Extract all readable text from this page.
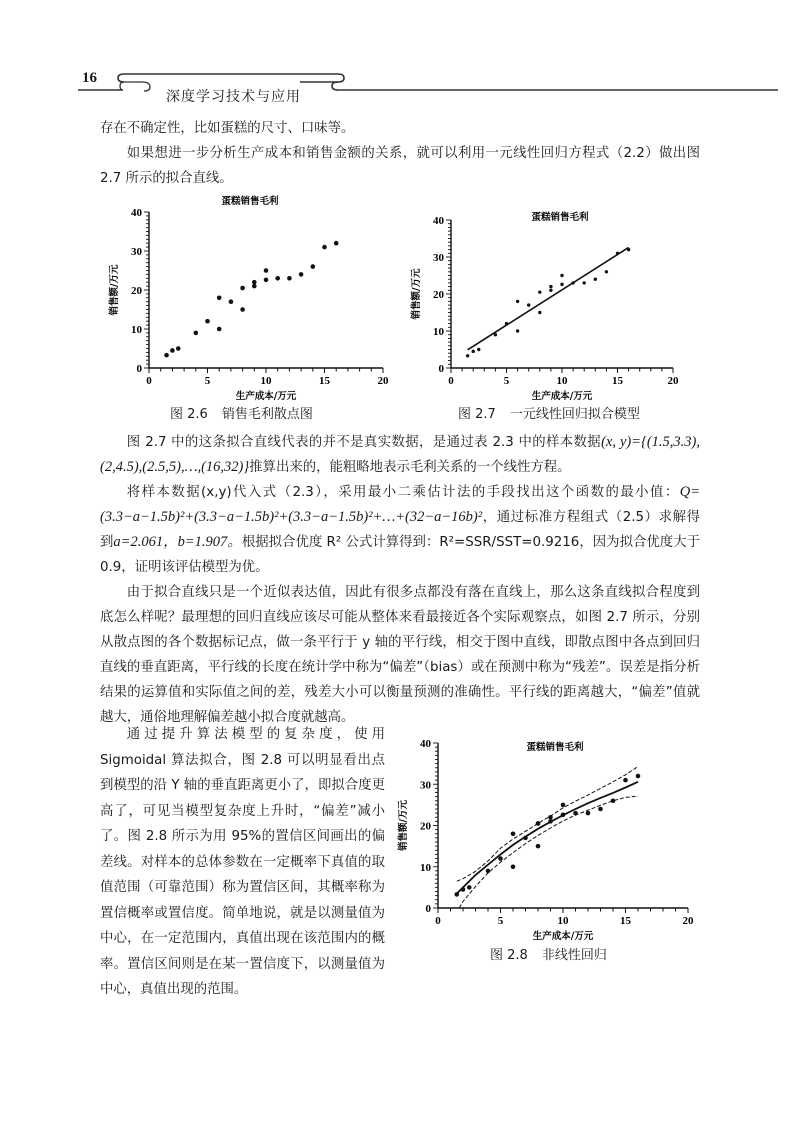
16
深度学习技术与应用

存在不确定性，比如蛋糕的尺寸、口味等。

如果想进一步分析生产成本和销售金额的关系，就可以利用一元线性回归方程式（2.2）做出图 2.7 所示的拟合直线。

蛋糕销售毛利
0	5	10	15	20
0
10
20
30
40
生产成本/万元
销售额/万元
图 2.6 销售毛利散点图
蛋糕销售毛利
0	5	10	15	20
0
10
20
30
40
生产成本/万元
销售额/万元
图 2.7 一元线性回归拟合模型

图 2.7 中的这条拟合直线代表的并不是真实数据，是通过表 2.3 中的样本数据(x, y)={(1.5,3.3),(2,4.5),(2.5,5),…,(16,32)}推算出来的，能粗略地表示毛利关系的一个线性方程。

将样本数据(x,y)代入式（2.3），采用最小二乘估计法的手段找出这个函数的最小值：Q=(3.3−a−1.5b)²+(3.3−a−1.5b)²+(3.3−a−1.5b)²+…+(32−a−16b)²，通过标准方程组式（2.5）求解得到a=2.061，b=1.907。根据拟合优度 R² 公式计算得到：R²=SSR/SST=0.9216，因为拟合优度大于 0.9，证明该评估模型为优。

由于拟合直线只是一个近似表达值，因此有很多点都没有落在直线上，那么这条直线拟合程度到底怎么样呢？最理想的回归直线应该尽可能从整体来看最接近各个实际观察点，如图 2.7 所示，分别从散点图的各个数据标记点，做一条平行于 y 轴的平行线，相交于图中直线，即散点图中各点到回归直线的垂直距离，平行线的长度在统计学中称为“偏差”（bias）或在预测中称为“残差”。误差是指分析结果的运算值和实际值之间的差，残差大小可以衡量预测的准确性。平行线的距离越大，“偏差”值就越大，通俗地理解偏差越小拟合度就越高。

通过提升算法模型的复杂度，使用 Sigmoidal 算法拟合，图 2.8 可以明显看出点到模型的沿 Y 轴的垂直距离更小了，即拟合度更高了，可见当模型复杂度上升时，“偏差”减小了。图 2.8 所示为用 95%的置信区间画出的偏差线。对样本的总体参数在一定概率下真值的取值范围（可靠范围）称为置信区间，其概率称为置信概率或置信度。简单地说，就是以测量值为中心，在一定范围内，真值出现在该范围内的概率。置信区间则是在某一置信度下，以测量值为中心，真值出现的范围。

蛋糕销售毛利
0	5	10	15	20
0
10
20
30
40
生产成本/万元
销售额/万元
图 2.8 非线性回归
